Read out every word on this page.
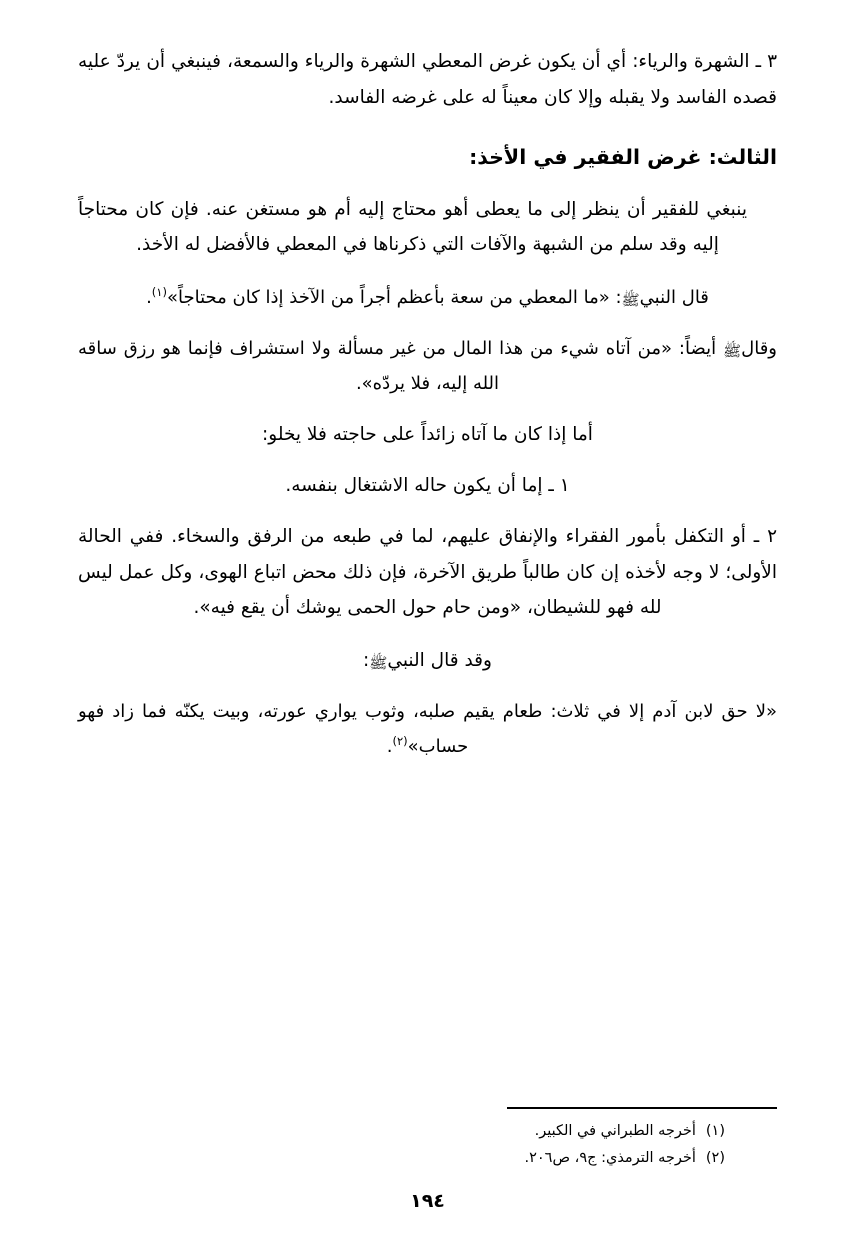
٣ ـ الشهرة والرياء: أي أن يكون غرض المعطي الشهرة والرياء والسمعة، فينبغي أن يردّ عليه قصده الفاسد ولا يقبله وإلا كان معيناً له على غرضه الفاسد.

الثالث: غرض الفقير في الأخذ:

ينبغي للفقير أن ينظر إلى ما يعطى أهو محتاج إليه أم هو مستغن عنه. فإن كان محتاجاً إليه وقد سلم من الشبهة والآفات التي ذكرناها في المعطي فالأفضل له الأخذ.

قال النبيﷺ: «ما المعطي من سعة بأعظم أجراً من الآخذ إذا كان محتاجاً»$^{(١)}$.

وقالﷺ أيضاً: «من آتاه شيء من هذا المال من غير مسألة ولا استشراف فإنما هو رزق ساقه الله إليه، فلا يردّه».

أما إذا كان ما آتاه زائداً على حاجته فلا يخلو:

١ ـ إما أن يكون حاله الاشتغال بنفسه.

٢ ـ أو التكفل بأمور الفقراء والإنفاق عليهم، لما في طبعه من الرفق والسخاء. ففي الحالة الأولى؛ لا وجه لأخذه إن كان طالباً طريق الآخرة، فإن ذلك محض اتباع الهوى، وكل عمل ليس لله فهو للشيطان، «ومن حام حول الحمى يوشك أن يقع فيه».

وقد قال النبيﷺ:

«لا حق لابن آدم إلا في ثلاث: طعام يقيم صلبه، وثوب يواري عورته، وبيت يكنّه فما زاد فهو حساب»$^{(٢)}$.

(١)
أخرجه الطبراني في الكبير.
(٢)
أخرجه الترمذي: ج٩، ص٢٠٦.
١٩٤
